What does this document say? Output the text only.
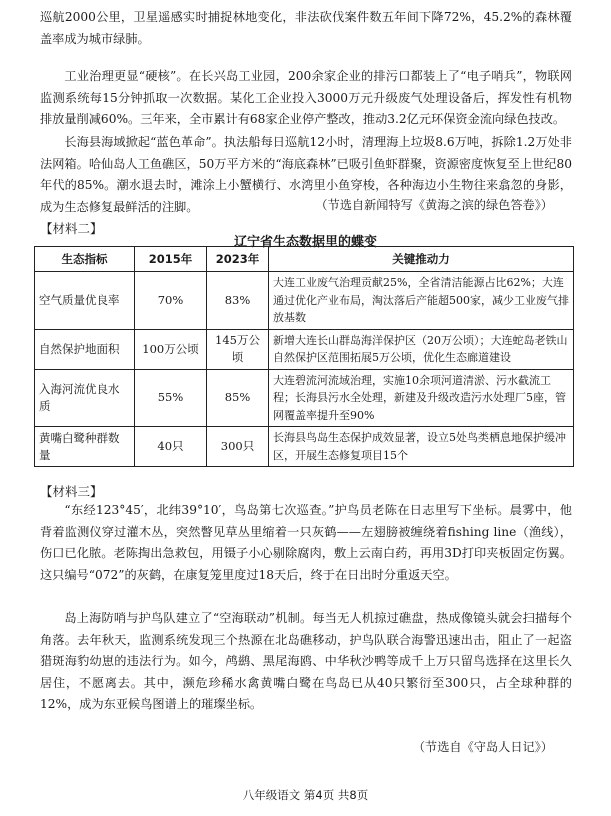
巡航2000公里，卫星遥感实时捕捉林地变化，非法砍伐案件数五年间下降72%，45.2%的森林覆盖率成为城市绿肺。

工业治理更显“硬核”。在长兴岛工业园，200余家企业的排污口都装上了“电子哨兵”，物联网监测系统每15分钟抓取一次数据。某化工企业投入3000万元升级废气处理设备后，挥发性有机物排放量削减60%。三年来，全市累计有68家企业停产整改，推动3.2亿元环保资金流向绿色技改。

长海县海域掀起“蓝色革命”。执法船每日巡航12小时，清理海上垃圾8.6万吨，拆除1.2万处非法网箱。哈仙岛人工鱼礁区，50万平方米的“海底森林”已吸引鱼虾群聚，资源密度恢复至上世纪80年代的85%。潮水退去时，滩涂上小蟹横行、水湾里小鱼穿梭，各种海边小生物往来翕忽的身影，成为生态修复最鲜活的注脚。	（节选自新闻特写《黄海之滨的绿色答卷》）
【材料二】
辽宁省生态数据里的蝶变
生态指标	2015年	2023年	关键推动力
空气质量优良率	70%	83%	大连工业废气治理贡献25%，全省清洁能源占比62%；大连通过优化产业布局，淘汰落后产能超500家，减少工业废气排放基数
自然保护地面积	100万公顷	145万公顷	新增大连长山群岛海洋保护区（20万公顷）；大连蛇岛老铁山自然保护区范围拓展5万公顷，优化生态廊道建设
入海河流优良水质	55%	85%	大连碧流河流域治理，实施10余项河道清淤、污水截流工程；长海县污水全处理，新建及升级改造污水处理厂5座，管网覆盖率提升至90%
黄嘴白鹭种群数量	40只	300只	长海县鸟岛生态保护成效显著，设立5处鸟类栖息地保护缓冲区，开展生态修复项目15个
【材料三】

“东经123°45′，北纬39°10′，鸟岛第七次巡查。”护鸟员老陈在日志里写下坐标。晨雾中，他背着监测仪穿过灌木丛，突然瞥见草丛里缩着一只灰鹤——左翅膀被缠绕着fishing line（渔线），伤口已化脓。老陈掏出急救包，用镊子小心剔除腐肉，敷上云南白药，再用3D打印夹板固定伤翼。这只编号“072”的灰鹤，在康复笼里度过18天后，终于在日出时分重返天空。

岛上海防哨与护鸟队建立了“空海联动”机制。每当无人机掠过礁盘，热成像镜头就会扫描每个角落。去年秋天，监测系统发现三个热源在北岛礁移动，护鸟队联合海警迅速出击，阻止了一起盗猎斑海豹幼崽的违法行为。如今，鸬鹚、黑尾海鸥、中华秋沙鸭等成千上万只留鸟选择在这里长久居住，不愿离去。其中，濒危珍稀水禽黄嘴白鹭在鸟岛已从40只繁衍至300只，占全球种群的12%，成为东亚候鸟图谱上的璀璨坐标。

（节选自《守岛人日记》）
八年级语文 第4页 共8页
